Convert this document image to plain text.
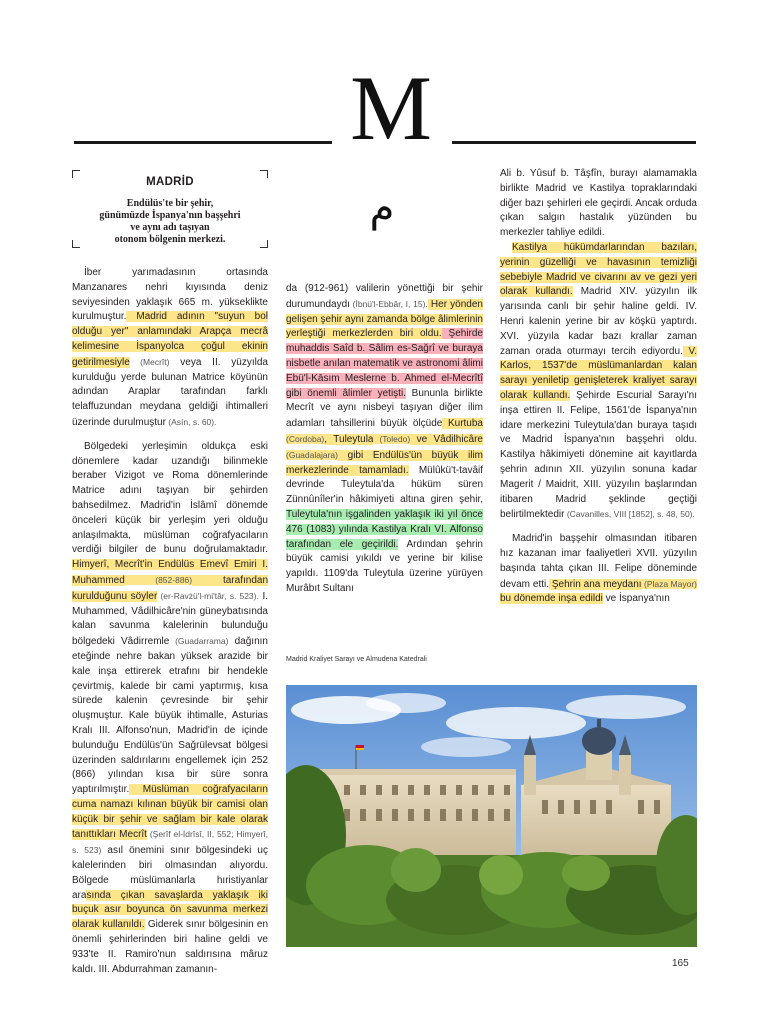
M
م
MADRİD
Endülüs'te bir şehir,
günümüzde İspanya'nın başşehri
ve aynı adı taşıyan
otonom bölgenin merkezi.

İber yarımadasının ortasında Manzanares nehri kıyısında deniz seviyesinden yaklaşık 665 m. yükseklikte kurulmuştur. Madrid adının "suyun bol olduğu yer" anlamındaki Arapça mecrâ kelimesine İspanyolca çoğul ekinin getirilmesiyle (Mecrît) veya II. yüzyılda kurulduğu yerde bulunan Matrice köyünün adından Araplar tarafından farklı telaffuzundan meydana geldiği ihtimalleri üzerinde durulmuştur (Asín, s. 60).

Bölgedeki yerleşimin oldukça eski dönemlere kadar uzandığı bilinmekle beraber Vizigot ve Roma dönemlerinde Matrice adını taşıyan bir şehirden bahsedilmez. Madrid'in İslâmî dönemde önceleri küçük bir yerleşim yeri olduğu anlaşılmakta, müslüman coğrafyacıların verdiği bilgiler de bunu doğrulamaktadır. Himyerî, Mecrît'in Endülüs Emevî Emiri I. Muhammed (852-886) tarafından kurulduğunu söyler (er-Ravżü'l-mi'târ, s. 523). I. Muhammed, Vâdilhicâre'nin güneybatısında kalan savunma kalelerinin bulunduğu bölgedeki Vâdirremle (Guadarrama) dağının eteğinde nehre bakan yüksek arazide bir kale inşa ettirerek etrafını bir hendekle çevirtmiş, kalede bir cami yaptırmış, kısa sürede kalenin çevresinde bir şehir oluşmuştur. Kale büyük ihtimalle, Asturias Kralı III. Alfonso'nun, Madrid'in de içinde bulunduğu Endülüs'ün Sağrülevsat bölgesi üzerinden saldırılarını engellemek için 252 (866) yılından kısa bir süre sonra yaptırılmıştır. Müslüman coğrafyacıların cuma namazı kılınan büyük bir camisi olan küçük bir şehir ve sağlam bir kale olarak tanıttıkları Mecrît (Şerîf el-İdrîsî, II, 552; Himyerî, s. 523) asıl önemini sınır bölgesindeki uç kalelerinden biri olmasından alıyordu. Bölgede müslümanlarla hıristiyanlar arasında çıkan savaşlarda yaklaşık iki buçuk asır boyunca ön savunma merkezi olarak kullanıldı. Giderek sınır bölgesinin en önemli şehirlerinden biri haline geldi ve 933'te II. Ramiro'nun saldırısına mâruz kaldı. III. Abdurrahman zamanın-

da (912-961) valilerin yönettiği bir şehir durumundaydı (İbnü'l-Ebbâr, I, 15). Her yönden gelişen şehir aynı zamanda bölge âlimlerinin yerleştiği merkezlerden biri oldu. Şehirde muhaddis Saîd b. Sâlim es-Sağrî ve buraya nisbetle anılan matematik ve astronomi âlimi Ebü'l-Kāsım Meslerne b. Ahmed el-Mecrîtî gibi önemli âlimler yetişti. Bununla birlikte Mecrît ve aynı nisbeyi taşıyan diğer ilim adamları tahsillerini büyük ölçüde Kurtuba (Cordoba), Tuleytula (Toledo) ve Vâdilhicâre (Guadalajara) gibi Endülüs'ün büyük ilim merkezlerinde tamamladı. Mülûkü't-tavâif devrinde Tuleytula'da hüküm süren Zünnûnîler'in hâkimiyeti altına giren şehir, Tuleytula'nın işgalinden yaklaşık iki yıl önce 476 (1083) yılında Kastilya Kralı VI. Alfonso tarafından ele geçirildi. Ardından şehrin büyük camisi yıkıldı ve yerine bir kilise yapıldı. 1109'da Tuleytula üzerine yürüyen Murâbıt Sultanı

Ali b. Yûsuf b. Tâşfîn, burayı alamamakla birlikte Madrid ve Kastilya topraklarındaki diğer bazı şehirleri ele geçirdi. Ancak orduda çıkan salgın hastalık yüzünden bu merkezler tahliye edildi.

Kastilya hükümdarlarından bazıları, yerinin güzelliği ve havasının temizliği sebebiyle Madrid ve civarını av ve gezi yeri olarak kullandı. Madrid XIV. yüzyılın ilk yarısında canlı bir şehir haline geldi. IV. Henri kalenin yerine bir av köşkü yaptırdı. XVI. yüzyıla kadar bazı krallar zaman zaman orada oturmayı tercih ediyordu. V. Karlos, 1537'de müslümanlardan kalan sarayı yeniletip genişleterek kraliyet sarayı olarak kullandı. Şehirde Escurial Sarayı'nı inşa ettiren II. Felipe, 1561'de İspanya'nın idare merkezini Tuleytula'dan buraya taşıdı ve Madrid İspanya'nın başşehri oldu. Kastilya hâkimiyeti dönemine ait kayıtlarda şehrin adının XII. yüzyılın sonuna kadar Magerit / Maidrit, XIII. yüzyılın başlarından itibaren Madrid şeklinde geçtiği belirtilmektedir (Cavanilles, VIII [1852], s. 48, 50).

Madrid'in başşehir olmasından itibaren hız kazanan imar faaliyetleri XVII. yüzyılın başında tahta çıkan III. Felipe döneminde devam etti. Şehrin ana meydanı (Plaza Mayor) bu dönemde inşa edildi ve İspanya'nın

Madrid Kraliyet Sarayı ve Almudena Katedrali
165
